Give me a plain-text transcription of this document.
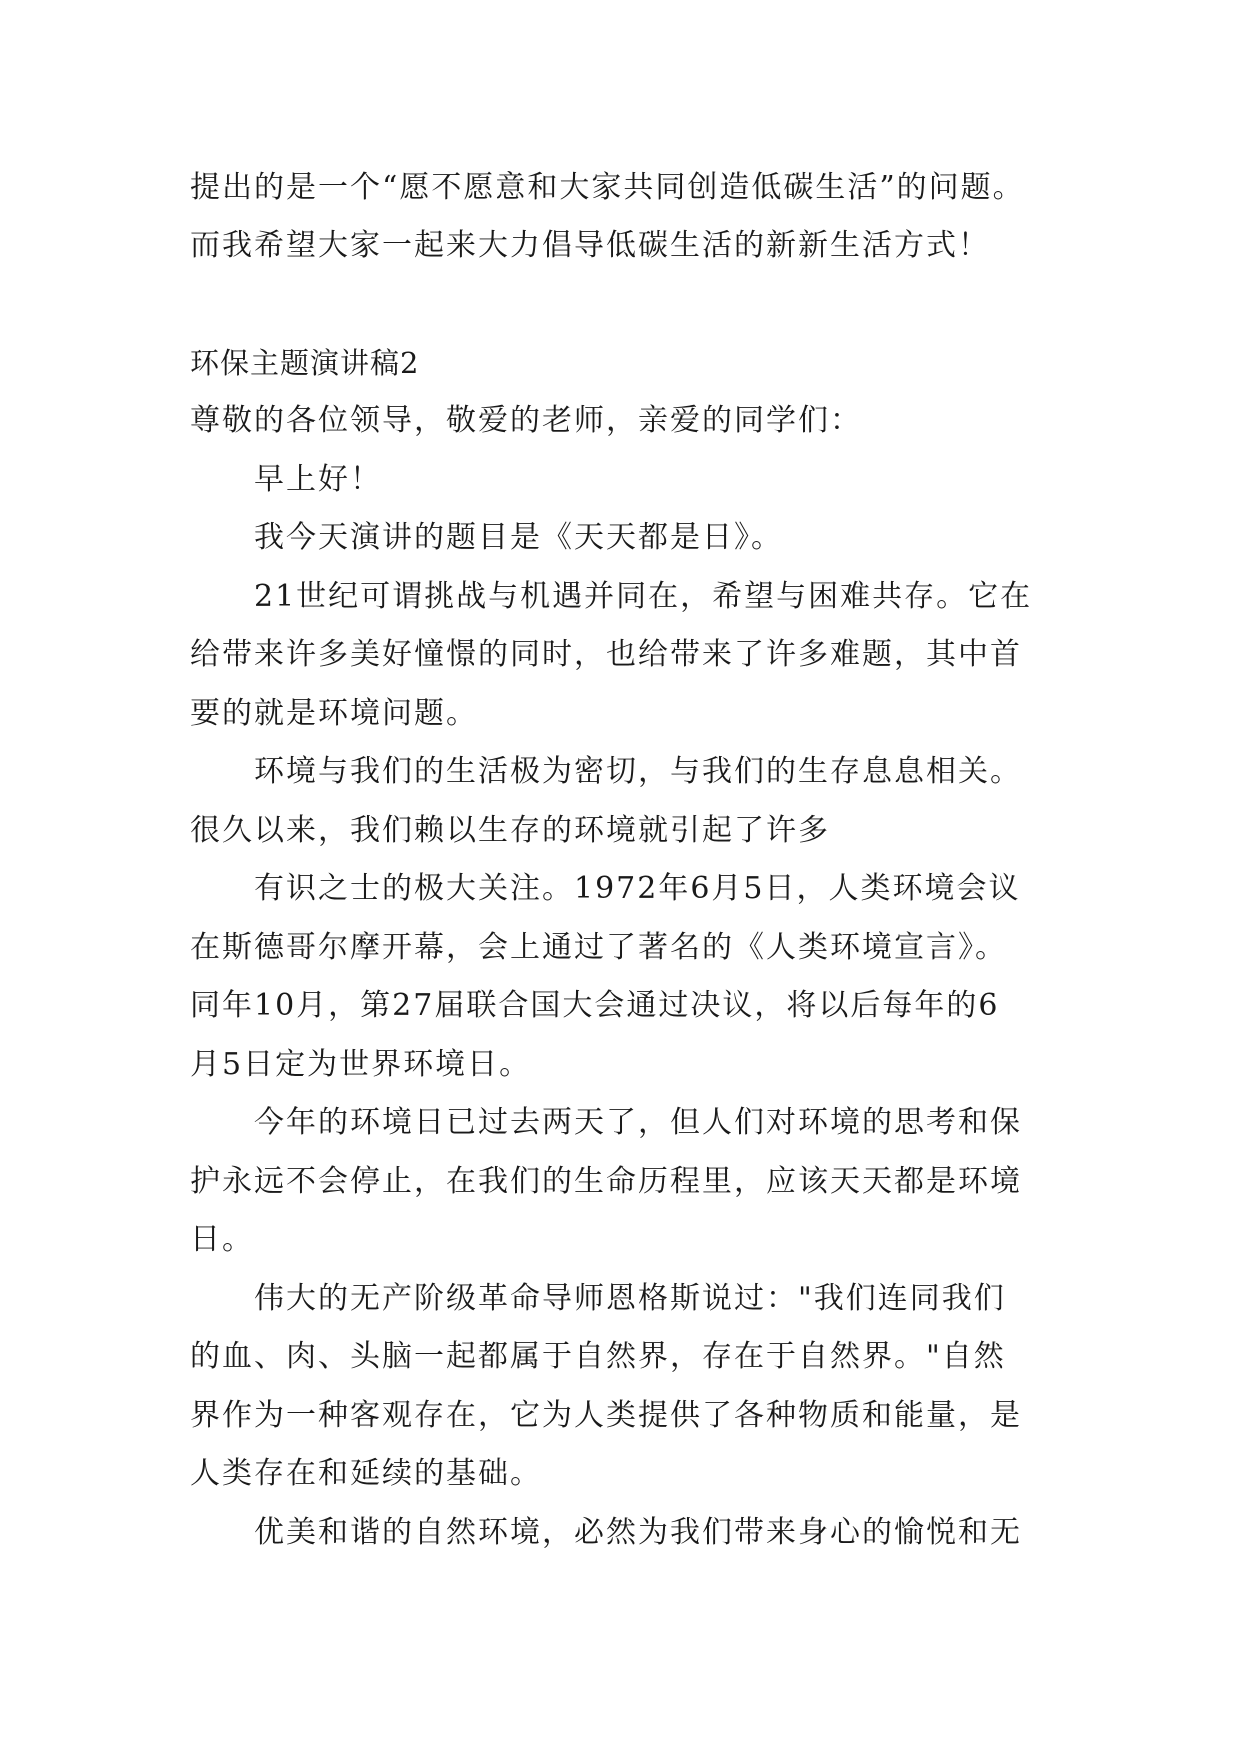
提出的是一个“愿不愿意和大家共同创造低碳生活”的问题。
而我希望大家一起来大力倡导低碳生活的新新生活方式！
环保主题演讲稿2
尊敬的各位领导，敬爱的老师，亲爱的同学们：
早上好！
我今天演讲的题目是《天天都是日》。
21世纪可谓挑战与机遇并同在，希望与困难共存。它在
给带来许多美好憧憬的同时，也给带来了许多难题，其中首
要的就是环境问题。
环境与我们的生活极为密切，与我们的生存息息相关。
很久以来，我们赖以生存的环境就引起了许多
有识之士的极大关注。1972年6月5日，人类环境会议
在斯德哥尔摩开幕，会上通过了著名的《人类环境宣言》。
同年10月，第27届联合国大会通过决议，将以后每年的6
月5日定为世界环境日。
今年的环境日已过去两天了，但人们对环境的思考和保
护永远不会停止，在我们的生命历程里，应该天天都是环境
日。
伟大的无产阶级革命导师恩格斯说过："我们连同我们
的血、肉、头脑一起都属于自然界，存在于自然界。"自然
界作为一种客观存在，它为人类提供了各种物质和能量，是
人类存在和延续的基础。
优美和谐的自然环境，必然为我们带来身心的愉悦和无
